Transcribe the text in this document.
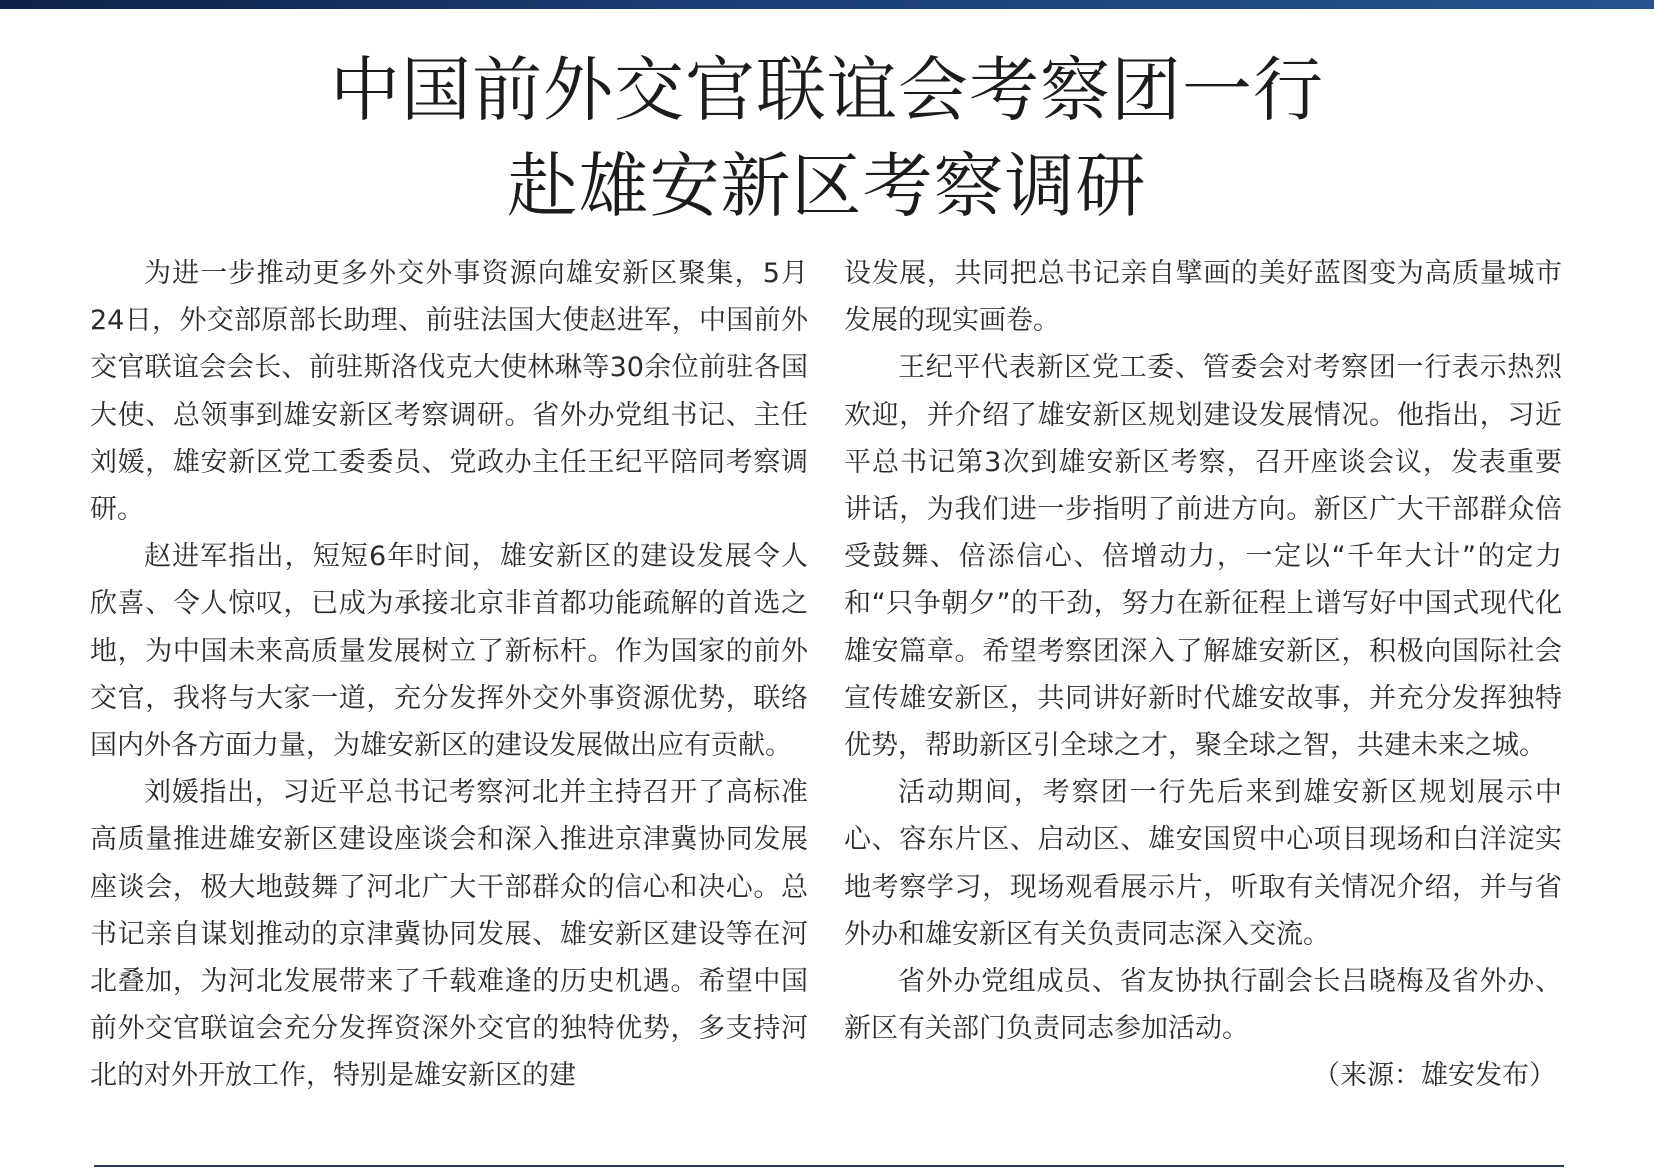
中国前外交官联谊会考察团一行
赴雄安新区考察调研

为进一步推动更多外交外事资源向雄安新区聚集，5月24日，外交部原部长助理、前驻法国大使赵进军，中国前外交官联谊会会长、前驻斯洛伐克大使林琳等30余位前驻各国大使、总领事到雄安新区考察调研。省外办党组书记、主任刘媛，雄安新区党工委委员、党政办主任王纪平陪同考察调研。

赵进军指出，短短6年时间，雄安新区的建设发展令人欣喜、令人惊叹，已成为承接北京非首都功能疏解的首选之地，为中国未来高质量发展树立了新标杆。作为国家的前外交官，我将与大家一道，充分发挥外交外事资源优势，联络国内外各方面力量，为雄安新区的建设发展做出应有贡献。

刘媛指出，习近平总书记考察河北并主持召开了高标准高质量推进雄安新区建设座谈会和深入推进京津冀协同发展座谈会，极大地鼓舞了河北广大干部群众的信心和决心。总书记亲自谋划推动的京津冀协同发展、雄安新区建设等在河北叠加，为河北发展带来了千载难逢的历史机遇。希望中国前外交官联谊会充分发挥资深外交官的独特优势，多支持河北的对外开放工作，特别是雄安新区的建

设发展，共同把总书记亲自擘画的美好蓝图变为高质量城市发展的现实画卷。

王纪平代表新区党工委、管委会对考察团一行表示热烈欢迎，并介绍了雄安新区规划建设发展情况。他指出，习近平总书记第3次到雄安新区考察，召开座谈会议，发表重要讲话，为我们进一步指明了前进方向。新区广大干部群众倍受鼓舞、倍添信心、倍增动力，一定以“千年大计”的定力和“只争朝夕”的干劲，努力在新征程上谱写好中国式现代化雄安篇章。希望考察团深入了解雄安新区，积极向国际社会宣传雄安新区，共同讲好新时代雄安故事，并充分发挥独特优势，帮助新区引全球之才，聚全球之智，共建未来之城。

活动期间，考察团一行先后来到雄安新区规划展示中心、容东片区、启动区、雄安国贸中心项目现场和白洋淀实地考察学习，现场观看展示片，听取有关情况介绍，并与省外办和雄安新区有关负责同志深入交流。

省外办党组成员、省友协执行副会长吕晓梅及省外办、新区有关部门负责同志参加活动。

（来源：雄安发布）
